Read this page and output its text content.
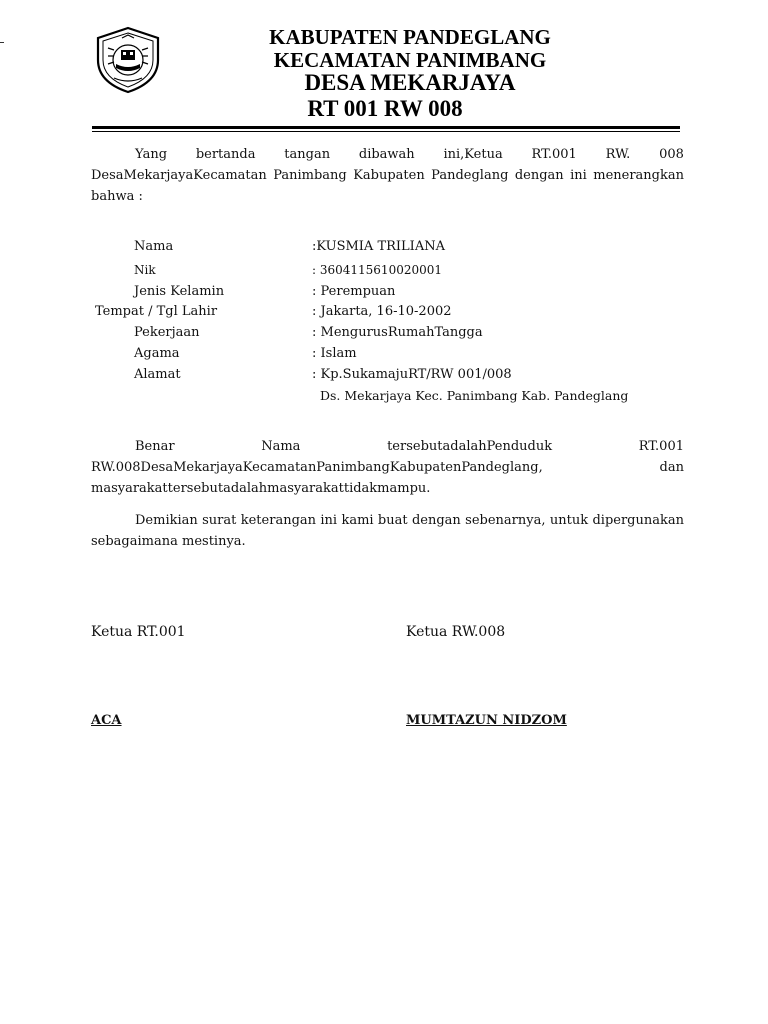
KABUPATEN PANDEGLANG
KECAMATAN PANIMBANG
DESA MEKARJAYA
RT 001 RW 008
Yang bertanda tangan dibawah ini,Ketua RT.001 RW. 008
DesaMekarjayaKecamatan Panimbang Kabupaten Pandeglang dengan ini menerangkan
bahwa :
Nama	:KUSMIA TRILIANA
Nik	: 3604115610020001
Jenis Kelamin	: Perempuan
Tempat / Tgl Lahir	: Jakarta, 16-10-2002
Pekerjaan	: MengurusRumahTangga
Agama	: Islam
Alamat	: Kp.SukamajuRT/RW 001/008
Ds. Mekarjaya Kec. Panimbang Kab. Pandeglang
Benar	Nama	tersebutadalahPenduduk	RT.001
RW.008DesaMekarjayaKecamatanPanimbangKabupatenPandeglang,	dan
masyarakattersebutadalahmasyarakattidakmampu.
Demikian surat keterangan ini kami buat dengan sebenarnya, untuk dipergunakan sebagaimana mestinya.
Ketua RT.001	Ketua RW.008
ACA	MUMTAZUN NIDZOM
